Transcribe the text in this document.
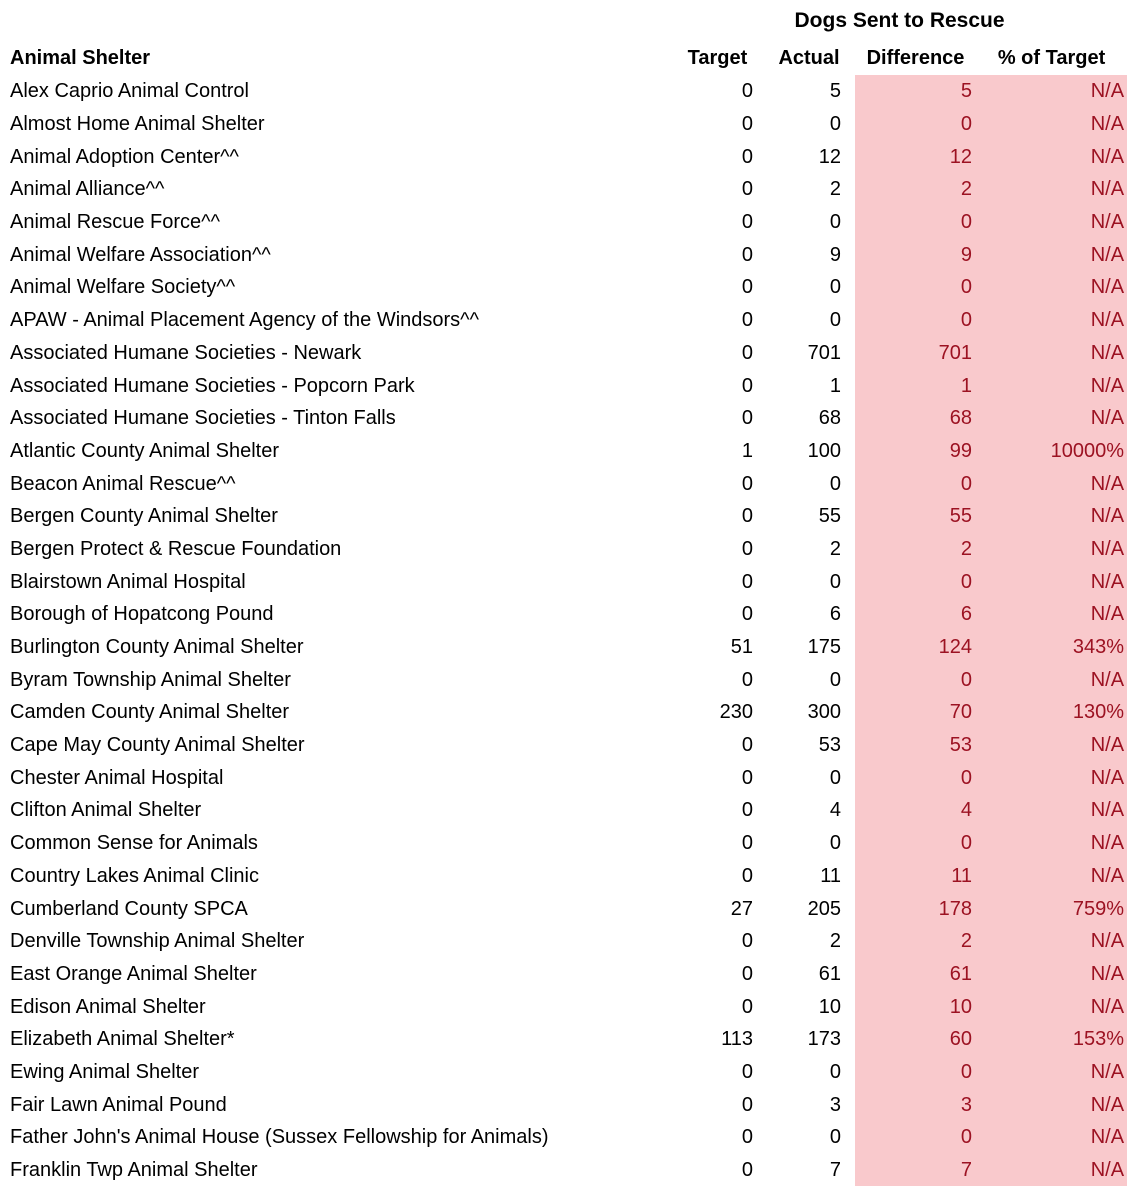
	Dogs Sent to Rescue			
Animal Shelter	Target	Actual	Difference	% of Target
Alex Caprio Animal Control	0	5	5	N/A
Almost Home Animal Shelter	0	0	0	N/A
Animal Adoption Center^^	0	12	12	N/A
Animal Alliance^^	0	2	2	N/A
Animal Rescue Force^^	0	0	0	N/A
Animal Welfare Association^^	0	9	9	N/A
Animal Welfare Society^^	0	0	0	N/A
APAW - Animal Placement Agency of the Windsors^^	0	0	0	N/A
Associated Humane Societies - Newark	0	701	701	N/A
Associated Humane Societies - Popcorn Park	0	1	1	N/A
Associated Humane Societies - Tinton Falls	0	68	68	N/A
Atlantic County Animal Shelter	1	100	99	10000%
Beacon Animal Rescue^^	0	0	0	N/A
Bergen County Animal Shelter	0	55	55	N/A
Bergen Protect & Rescue Foundation	0	2	2	N/A
Blairstown Animal Hospital	0	0	0	N/A
Borough of Hopatcong Pound	0	6	6	N/A
Burlington County Animal Shelter	51	175	124	343%
Byram Township Animal Shelter	0	0	0	N/A
Camden County Animal Shelter	230	300	70	130%
Cape May County Animal Shelter	0	53	53	N/A
Chester Animal Hospital	0	0	0	N/A
Clifton Animal Shelter	0	4	4	N/A
Common Sense for Animals	0	0	0	N/A
Country Lakes Animal Clinic	0	11	11	N/A
Cumberland County SPCA	27	205	178	759%
Denville Township Animal Shelter	0	2	2	N/A
East Orange Animal Shelter	0	61	61	N/A
Edison Animal Shelter	0	10	10	N/A
Elizabeth Animal Shelter*	113	173	60	153%
Ewing Animal Shelter	0	0	0	N/A
Fair Lawn Animal Pound	0	3	3	N/A
Father John's Animal House (Sussex Fellowship for Animals)	0	0	0	N/A
Franklin Twp Animal Shelter	0	7	7	N/A
